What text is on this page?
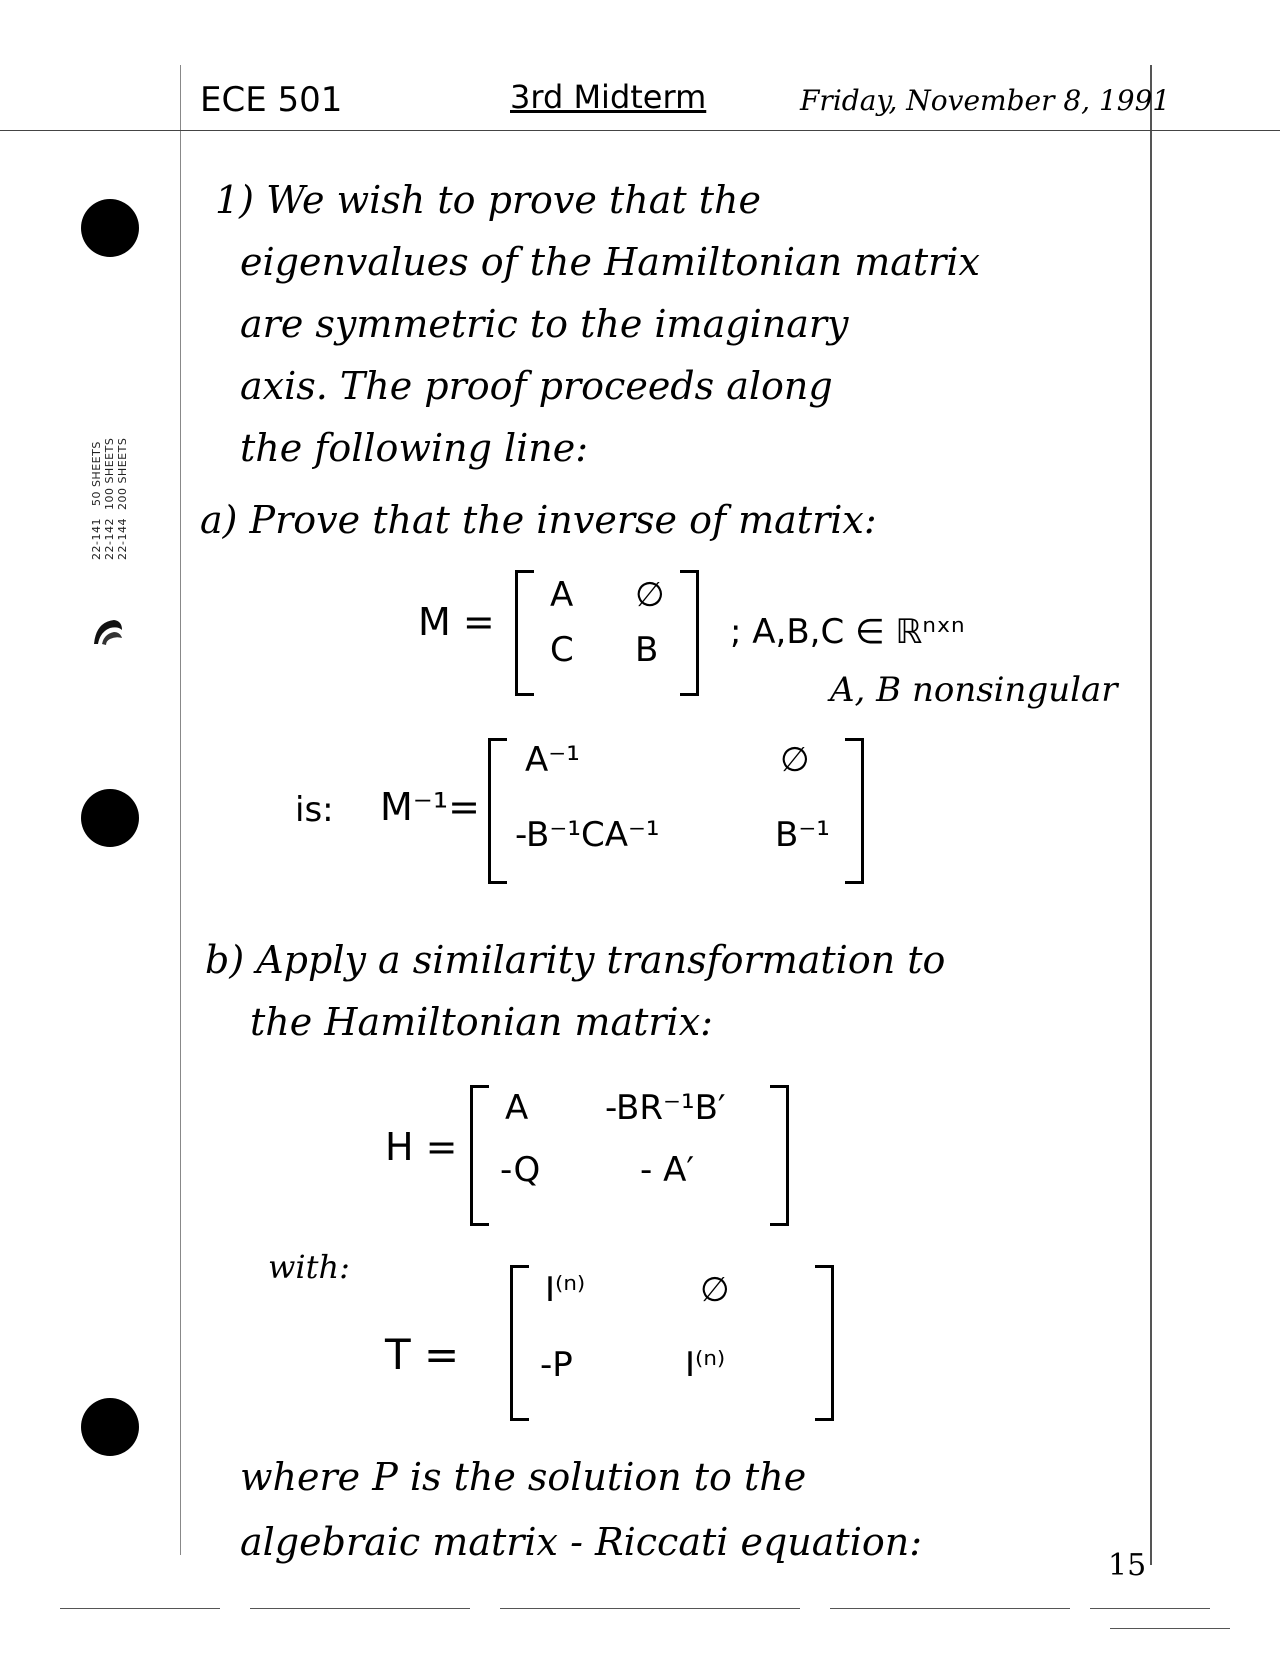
22-141   50 SHEETS
22-142  100 SHEETS
22-144  200 SHEETS
ECE 501	3rd Midterm	Friday, November 8, 1991
1) We wish to prove that the
eigenvalues of the Hamiltonian matrix
are symmetric to the imaginary
axis. The proof proceeds along
the following line:
a) Prove that the inverse of matrix:
M =
A ∅
C B ; A,B,C ∈ ℝⁿˣⁿ
A, B nonsingular
is: M⁻¹=
A⁻¹	∅
-B⁻¹CA⁻¹	B⁻¹
b) Apply a similarity transformation to
the Hamiltonian matrix:
H =
A -BR⁻¹B′
-Q	- A′
with:
T =
I⁽ⁿ⁾	∅
-P	I⁽ⁿ⁾
where P is the solution to the
algebraic matrix - Riccati equation:
15
